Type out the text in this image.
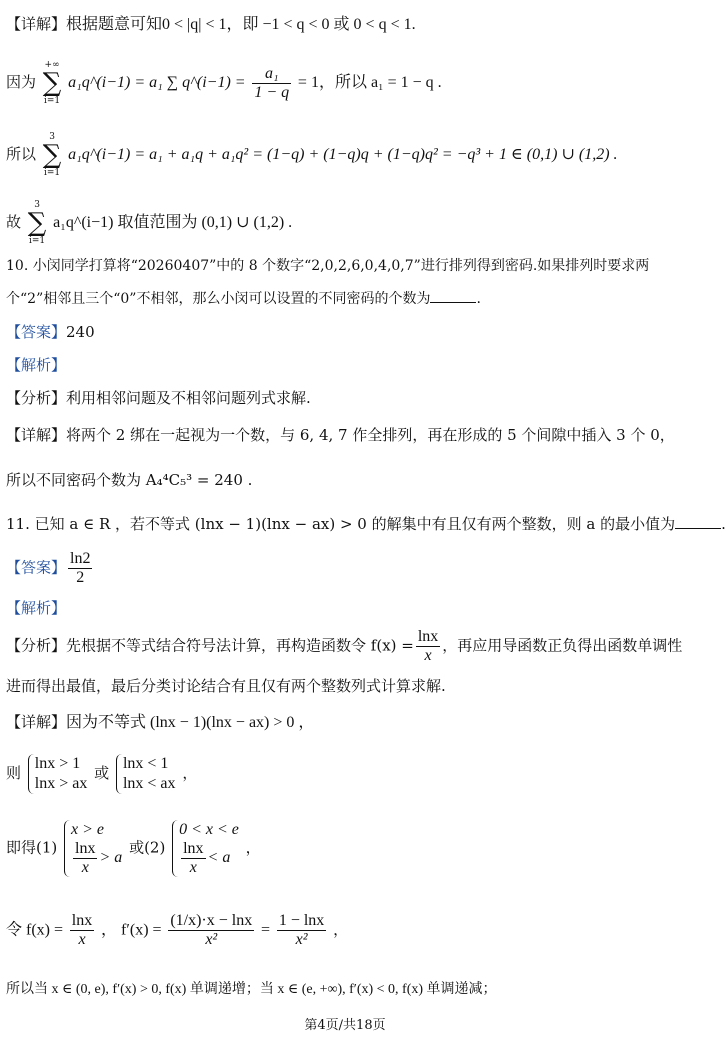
【详解】根据题意可知0 < |q| < 1，即 −1 < q < 0 或 0 < q < 1.
因为
+∞
∑
i=1
a₁q^(i−1) = a₁ ∑ q^(i−1) = $\frac{\text{a₁}}{1 - q} = 1$，所以 a₁ = 1 − q .
所以
3
∑
i=1
a₁q^(i−1) = a₁ + a₁q + a₁q² = (1−q) + (1−q)q + (1−q)q² = −q³ + 1 ∈ (0,1) ∪ (1,2) .
故
3
∑
i=1
a₁q^(i−1) 取值范围为 (0,1) ∪ (1,2) .
10. 小闵同学打算将“20260407”中的 8 个数字“2,0,2,6,0,4,0,7”进行排列得到密码.如果排列时要求两
个“2”相邻且三个“0”不相邻，那么小闵可以设置的不同密码的个数为	.
【答案】240
【解析】
【分析】利用相邻问题及不相邻问题列式求解.
【详解】将两个 2 绑在一起视为一个数，与 6, 4, 7 作全排列，再在形成的 5 个间隙中插入 3 个 0，
所以不同密码个数为 A₄⁴C₅³ = 240 .
11. 已知 a ∈ R ，若不等式 (lnx − 1)(lnx − ax) > 0 的解集中有且仅有两个整数，则 a 的最小值为	.
【答案】 $\frac{\ln 2}{2}$
【解析】
【分析】先根据不等式结合符号法计算，再构造函数令 $f(x) = \frac{\ln x}{x}$ ，再应用导函数正负得出函数单调性
进而得出最值，最后分类讨论结合有且仅有两个整数列式计算求解.
【详解】因为不等式 (lnx − 1)(lnx − ax) > 0 ，
则
lnx > 1
lnx > ax
或
lnx < 1
lnx < ax
，
即得(1)
x > e
$\frac{\ln x}{x} > a$
或(2)
0 < x < e
$\frac{\ln x}{x} < a$
，
令 $f(x) = \frac{\ln x}{x}$ ， $f'(x) = \frac{(1/x)\cdot x - \ln x}{\text{x²}} = \frac{1 - \ln x}{\text{x²}}$ ，
所以当 x ∈ (0, e), f′(x) > 0, f(x) 单调递增；当 x ∈ (e, +∞), f′(x) < 0, f(x) 单调递减；
第4页/共18页
